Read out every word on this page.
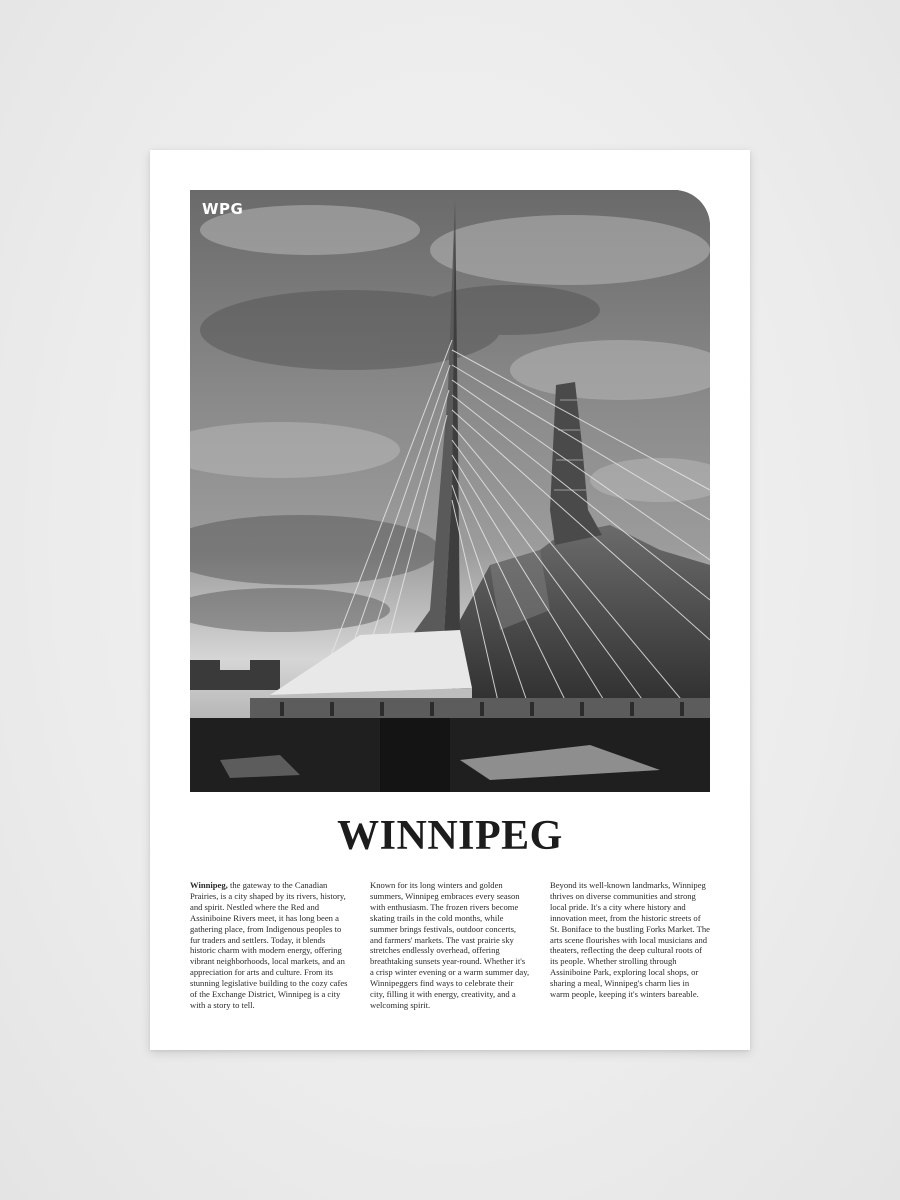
WPG
WINNIPEG

Winnipeg, the gateway to the Canadian Prairies, is a city shaped by its rivers, history, and spirit. Nestled where the Red and Assiniboine Rivers meet, it has long been a gathering place, from Indigenous peoples to fur traders and settlers. Today, it blends historic charm with modern energy, offering vibrant neighborhoods, local markets, and an appreciation for arts and culture. From its stunning legislative building to the cozy cafes of the Exchange District, Winnipeg is a city with a story to tell.

Known for its long winters and golden summers, Winnipeg embraces every season with enthusiasm. The frozen rivers become skating trails in the cold months, while summer brings festivals, outdoor concerts, and farmers' markets. The vast prairie sky stretches endlessly overhead, offering breathtaking sunsets year-round. Whether it's a crisp winter evening or a warm summer day, Winnipeggers find ways to celebrate their city, filling it with energy, creativity, and a welcoming spirit.

Beyond its well-known landmarks, Winnipeg thrives on diverse communities and strong local pride. It's a city where history and innovation meet, from the historic streets of St. Boniface to the bustling Forks Market. The arts scene flourishes with local musicians and theaters, reflecting the deep cultural roots of its people. Whether strolling through Assiniboine Park, exploring local shops, or sharing a meal, Winnipeg's charm lies in warm people, keeping it's winters bareable.
